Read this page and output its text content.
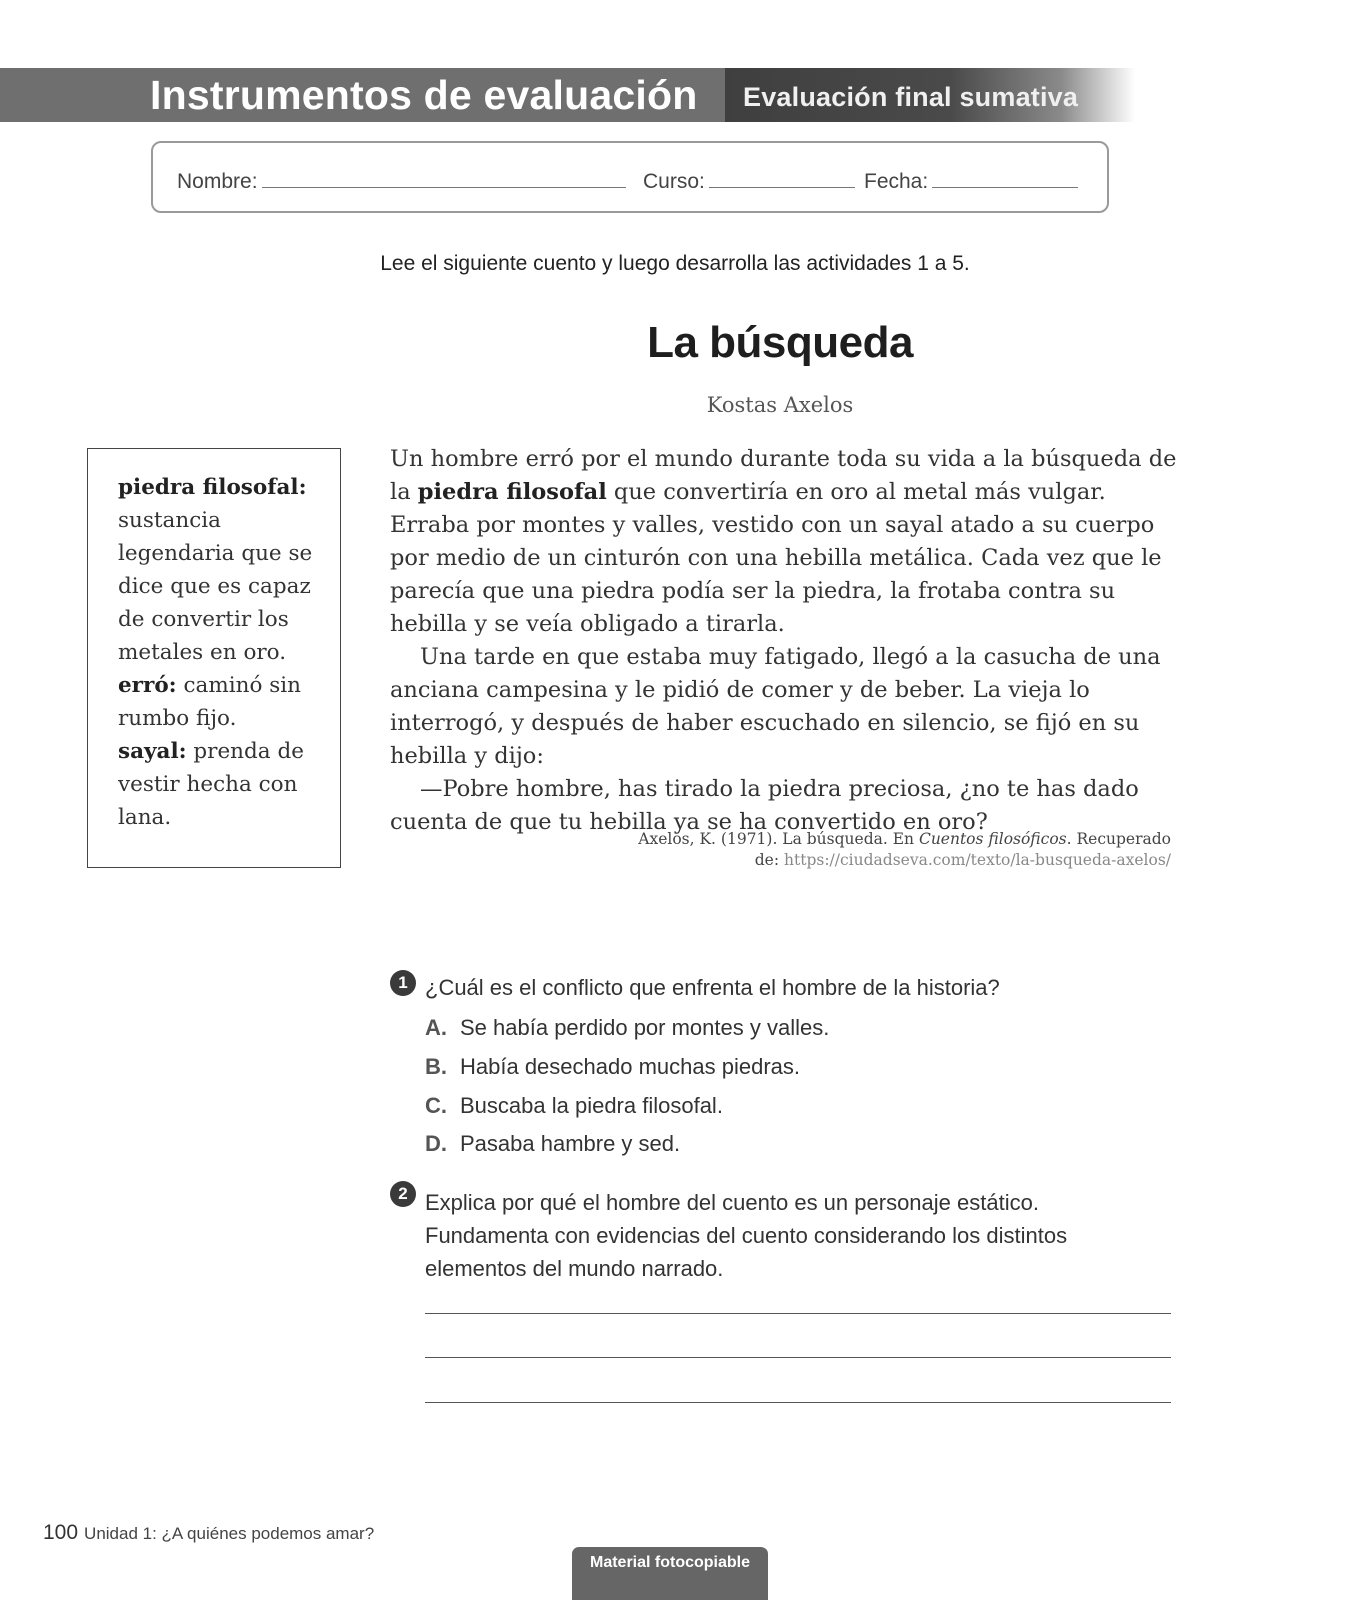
Instrumentos de evaluación Evaluación final sumativa
Nombre:	Curso:	Fecha:
Lee el siguiente cuento y luego desarrolla las actividades 1 a 5.
La búsqueda
Kostas Axelos

piedra filosofal: sustancia legendaria que se dice que es capaz de convertir los metales en oro.

erró: caminó sin rumbo fijo.

sayal: prenda de vestir hecha con lana.

Un hombre erró por el mundo durante toda su vida a la búsqueda de la piedra filosofal que convertiría en oro al metal más vulgar. Erraba por montes y valles, vestido con un sayal atado a su cuerpo por medio de un cinturón con una hebilla metálica. Cada vez que le parecía que una piedra podía ser la piedra, la frotaba contra su hebilla y se veía obligado a tirarla.

Una tarde en que estaba muy fatigado, llegó a la casucha de una anciana campesina y le pidió de comer y de beber. La vieja lo interrogó, y después de haber escuchado en silencio, se fijó en su hebilla y dijo:

—Pobre hombre, has tirado la piedra preciosa, ¿no te has dado cuenta de que tu hebilla ya se ha convertido en oro?

Axelos, K. (1971). La búsqueda. En Cuentos filosóficos. Recuperado
de: https://ciudadseva.com/texto/la-busqueda-axelos/
1 ¿Cuál es el conflicto que enfrenta el hombre de la historia?
A. Se había perdido por montes y valles.
B. Había desechado muchas piedras.
C. Buscaba la piedra filosofal.
D. Pasaba hambre y sed.
2 Explica por qué el hombre del cuento es un personaje estático. Fundamenta con evidencias del cuento considerando los distintos elementos del mundo narrado.
100 Unidad 1: ¿A quiénes podemos amar?
Material fotocopiable
